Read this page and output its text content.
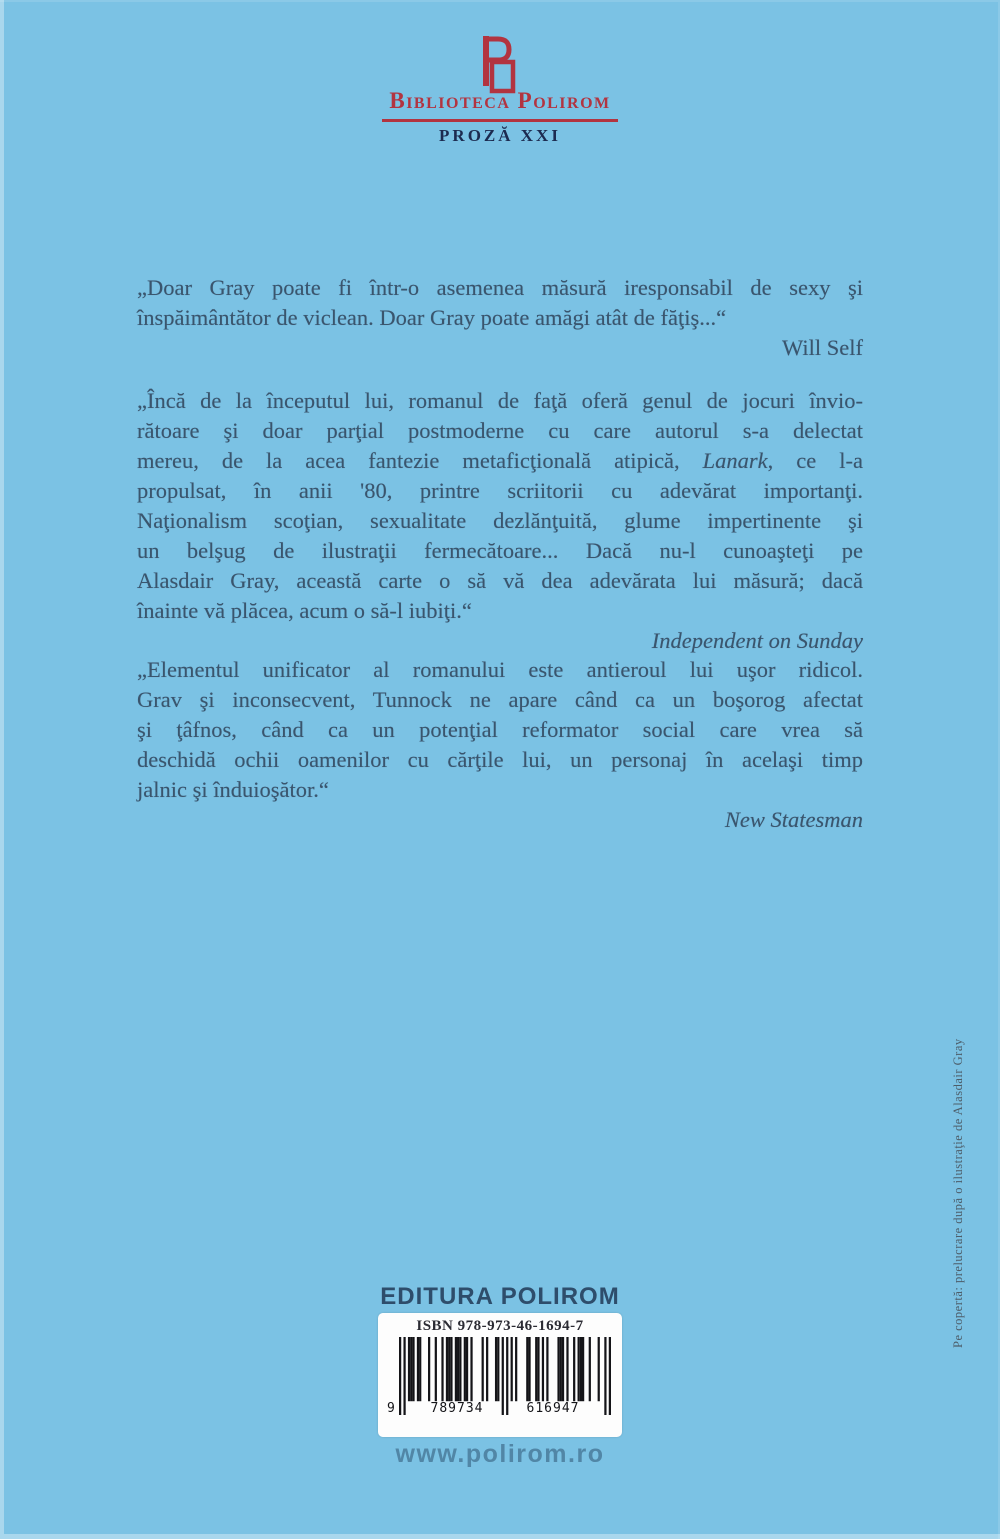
Biblioteca Polirom
PROZĂ XXI
„Doar Gray poate fi într-o asemenea măsură iresponsabil de sexy şi
înspăimântător de viclean. Doar Gray poate amăgi atât de făţiş...“
Will Self
„Încă de la începutul lui, romanul de faţă oferă genul de jocuri învio-
rătoare şi doar parţial postmoderne cu care autorul s-a delectat
mereu, de la acea fantezie metaficţională atipică, Lanark, ce l-a
propulsat, în anii '80, printre scriitorii cu adevărat importanţi.
Naţionalism scoţian, sexualitate dezlănţuită, glume impertinente şi
un belşug de ilustraţii fermecătoare... Dacă nu-l cunoaşteţi pe
Alasdair Gray, această carte o să vă dea adevărata lui măsură; dacă
înainte vă plăcea, acum o să-l iubiţi.“
Independent on Sunday
„Elementul unificator al romanului este antieroul lui uşor ridicol.
Grav şi inconsecvent, Tunnock ne apare când ca un boşorog afectat
şi ţâfnos, când ca un potenţial reformator social care vrea să
deschidă ochii oamenilor cu cărţile lui, un personaj în acelaşi timp
jalnic şi înduioşător.“
New Statesman
EDITURA POLIROM
ISBN 978-973-46-1694-7
9	789734	616947
www.polirom.ro
Pe copertă: prelucrare după o ilustraţie de Alasdair Gray
